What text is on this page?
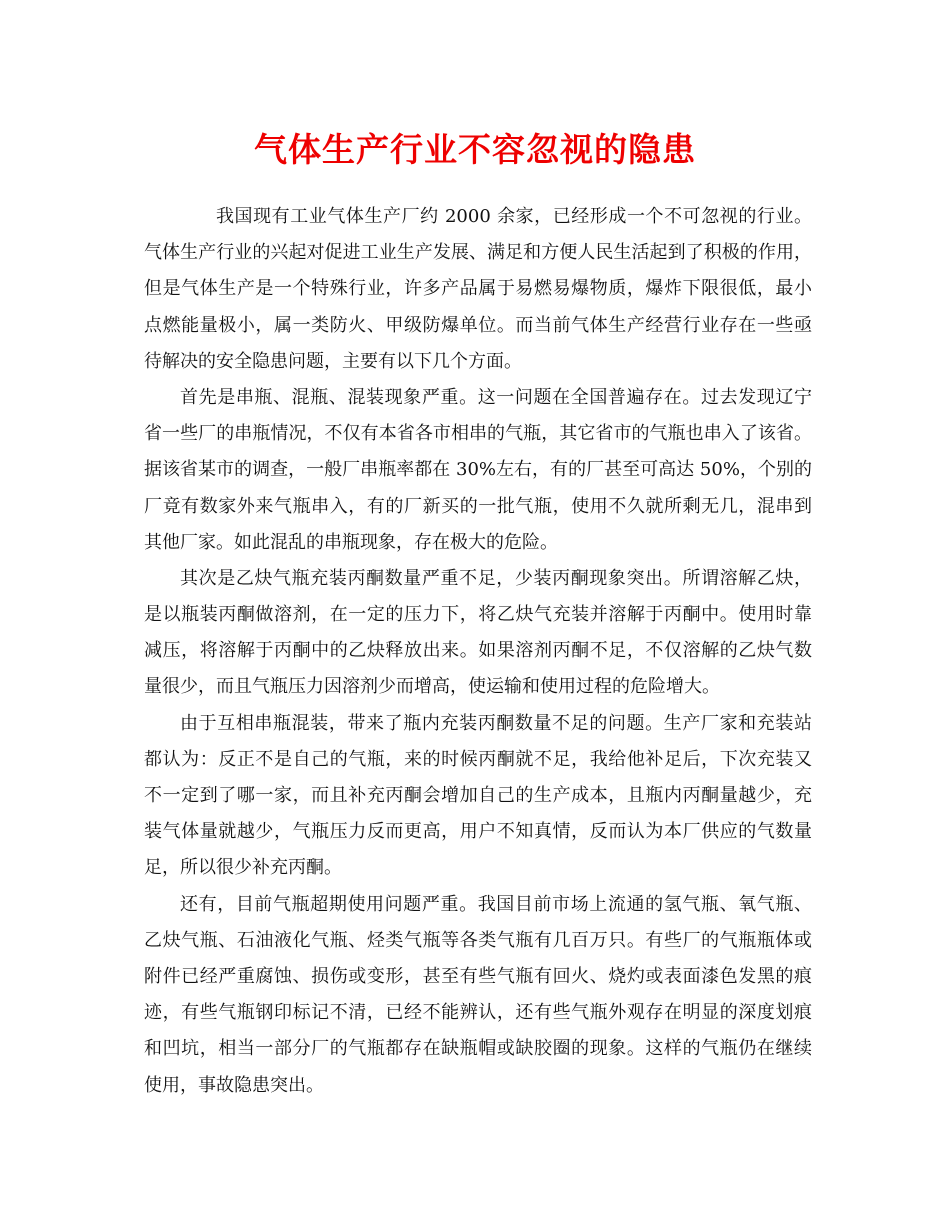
气体生产行业不容忽视的隐患
我国现有工业气体生产厂约 2000 余家，已经形成一个不可忽视的行业。
气体生产行业的兴起对促进工业生产发展、满足和方便人民生活起到了积极的作用，
但是气体生产是一个特殊行业，许多产品属于易燃易爆物质，爆炸下限很低，最小
点燃能量极小，属一类防火、甲级防爆单位。而当前气体生产经营行业存在一些亟
待解决的安全隐患问题，主要有以下几个方面。
首先是串瓶、混瓶、混装现象严重。这一问题在全国普遍存在。过去发现辽宁
省一些厂的串瓶情况，不仅有本省各市相串的气瓶，其它省市的气瓶也串入了该省。
据该省某市的调查，一般厂串瓶率都在 30%左右，有的厂甚至可高达 50%，个别的
厂竟有数家外来气瓶串入，有的厂新买的一批气瓶，使用不久就所剩无几，混串到
其他厂家。如此混乱的串瓶现象，存在极大的危险。
其次是乙炔气瓶充装丙酮数量严重不足，少装丙酮现象突出。所谓溶解乙炔，
是以瓶装丙酮做溶剂，在一定的压力下，将乙炔气充装并溶解于丙酮中。使用时靠
减压，将溶解于丙酮中的乙炔释放出来。如果溶剂丙酮不足，不仅溶解的乙炔气数
量很少，而且气瓶压力因溶剂少而增高，使运输和使用过程的危险增大。
由于互相串瓶混装，带来了瓶内充装丙酮数量不足的问题。生产厂家和充装站
都认为：反正不是自己的气瓶，来的时候丙酮就不足，我给他补足后，下次充装又
不一定到了哪一家，而且补充丙酮会增加自己的生产成本，且瓶内丙酮量越少，充
装气体量就越少，气瓶压力反而更高，用户不知真情，反而认为本厂供应的气数量
足，所以很少补充丙酮。
还有，目前气瓶超期使用问题严重。我国目前市场上流通的氢气瓶、氧气瓶、
乙炔气瓶、石油液化气瓶、烃类气瓶等各类气瓶有几百万只。有些厂的气瓶瓶体或
附件已经严重腐蚀、损伤或变形，甚至有些气瓶有回火、烧灼或表面漆色发黑的痕
迹，有些气瓶钢印标记不清，已经不能辨认，还有些气瓶外观存在明显的深度划痕
和凹坑，相当一部分厂的气瓶都存在缺瓶帽或缺胶圈的现象。这样的气瓶仍在继续
使用，事故隐患突出。
